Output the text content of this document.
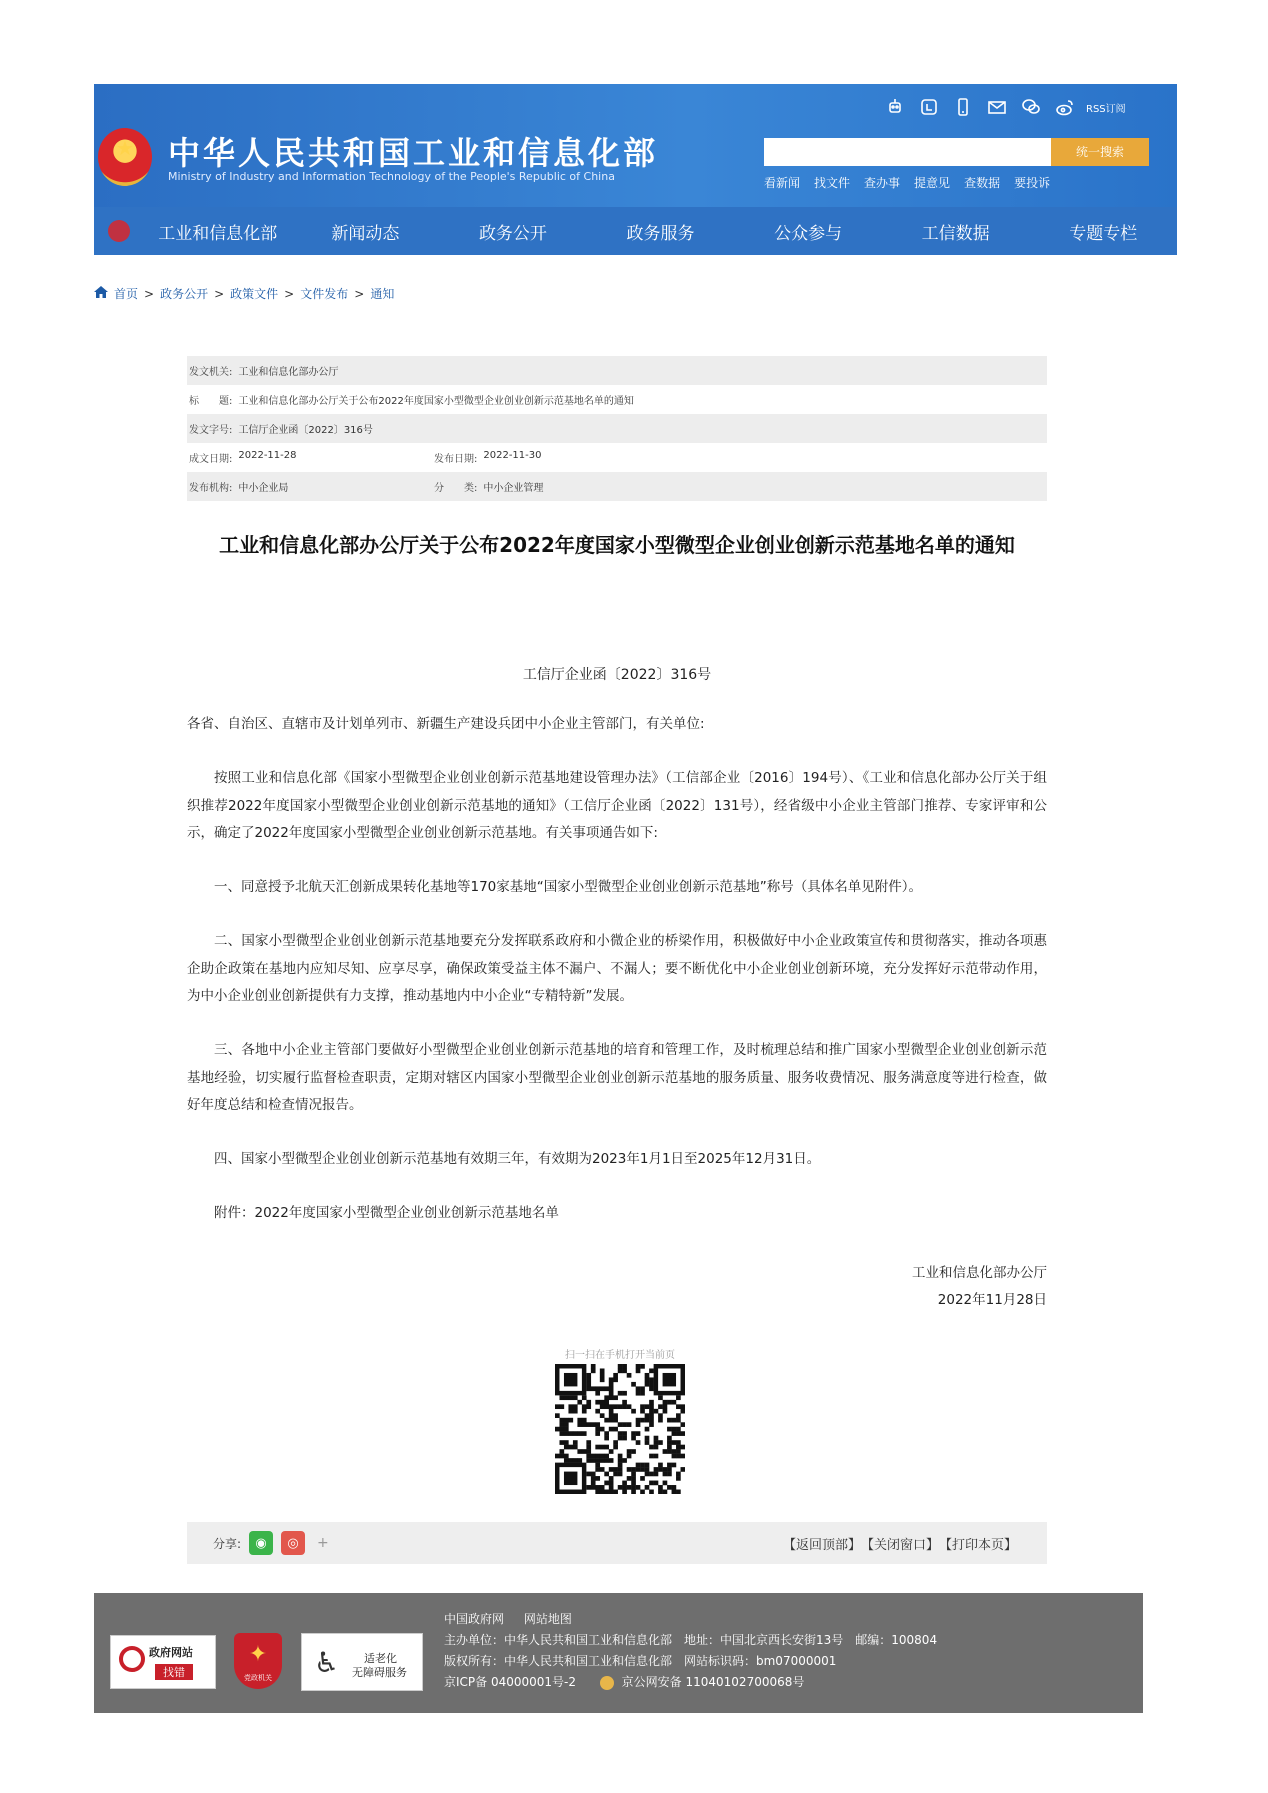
★	中华人民共和国工业和信息化部
Ministry of Industry and Information Technology of the People's Republic of China
RSS订阅
统一搜索
看新闻 找文件 查办事 提意见 查数据 要投诉
工业和信息化部	新闻动态	政务公开	政务服务	公众参与	工信数据	专题专栏
首页 > 政务公开 > 政策文件 > 文件发布 > 通知
发文机关: 工业和信息化部办公厅
标　　题: 工业和信息化部办公厅关于公布2022年度国家小型微型企业创业创新示范基地名单的通知
发文字号: 工信厅企业函〔2022〕316号
成文日期: 2022-11-28	发布日期: 2022-11-30
发布机构: 中小企业局	分　　类: 中小企业管理
工业和信息化部办公厅关于公布2022年度国家小型微型企业创业创新示范基地名单的通知
工信厅企业函〔2022〕316号
各省、自治区、直辖市及计划单列市、新疆生产建设兵团中小企业主管部门，有关单位:
按照工业和信息化部《国家小型微型企业创业创新示范基地建设管理办法》（工信部企业〔2016〕194号）、《工业和信息化部办公厅关于组织推荐2022年度国家小型微型企业创业创新示范基地的通知》（工信厅企业函〔2022〕131号），经省级中小企业主管部门推荐、专家评审和公示，确定了2022年度国家小型微型企业创业创新示范基地。有关事项通告如下:
一、同意授予北航天汇创新成果转化基地等170家基地“国家小型微型企业创业创新示范基地”称号（具体名单见附件）。
二、国家小型微型企业创业创新示范基地要充分发挥联系政府和小微企业的桥梁作用，积极做好中小企业政策宣传和贯彻落实，推动各项惠企助企政策在基地内应知尽知、应享尽享，确保政策受益主体不漏户、不漏人；要不断优化中小企业创业创新环境，充分发挥好示范带动作用，为中小企业创业创新提供有力支撑，推动基地内中小企业“专精特新”发展。
三、各地中小企业主管部门要做好小型微型企业创业创新示范基地的培育和管理工作，及时梳理总结和推广国家小型微型企业创业创新示范基地经验，切实履行监督检查职责，定期对辖区内国家小型微型企业创业创新示范基地的服务质量、服务收费情况、服务满意度等进行检查，做好年度总结和检查情况报告。
四、国家小型微型企业创业创新示范基地有效期三年，有效期为2023年1月1日至2025年12月31日。
附件：2022年度国家小型微型企业创业创新示范基地名单
工业和信息化部办公厅
2022年11月28日
扫一扫在手机打开当前页
分享:	◉	◎	+	【返回顶部】 【关闭窗口】 【打印本页】
政府网站
找错
✦
党政机关	♿ 适老化
无障碍服务
中国政府网 网站地图
主办单位：中华人民共和国工业和信息化部　地址：中国北京西长安街13号　邮编：100804
版权所有：中华人民共和国工业和信息化部　网站标识码：bm07000001
京ICP备 04000001号-2	京公网安备 11040102700068号
